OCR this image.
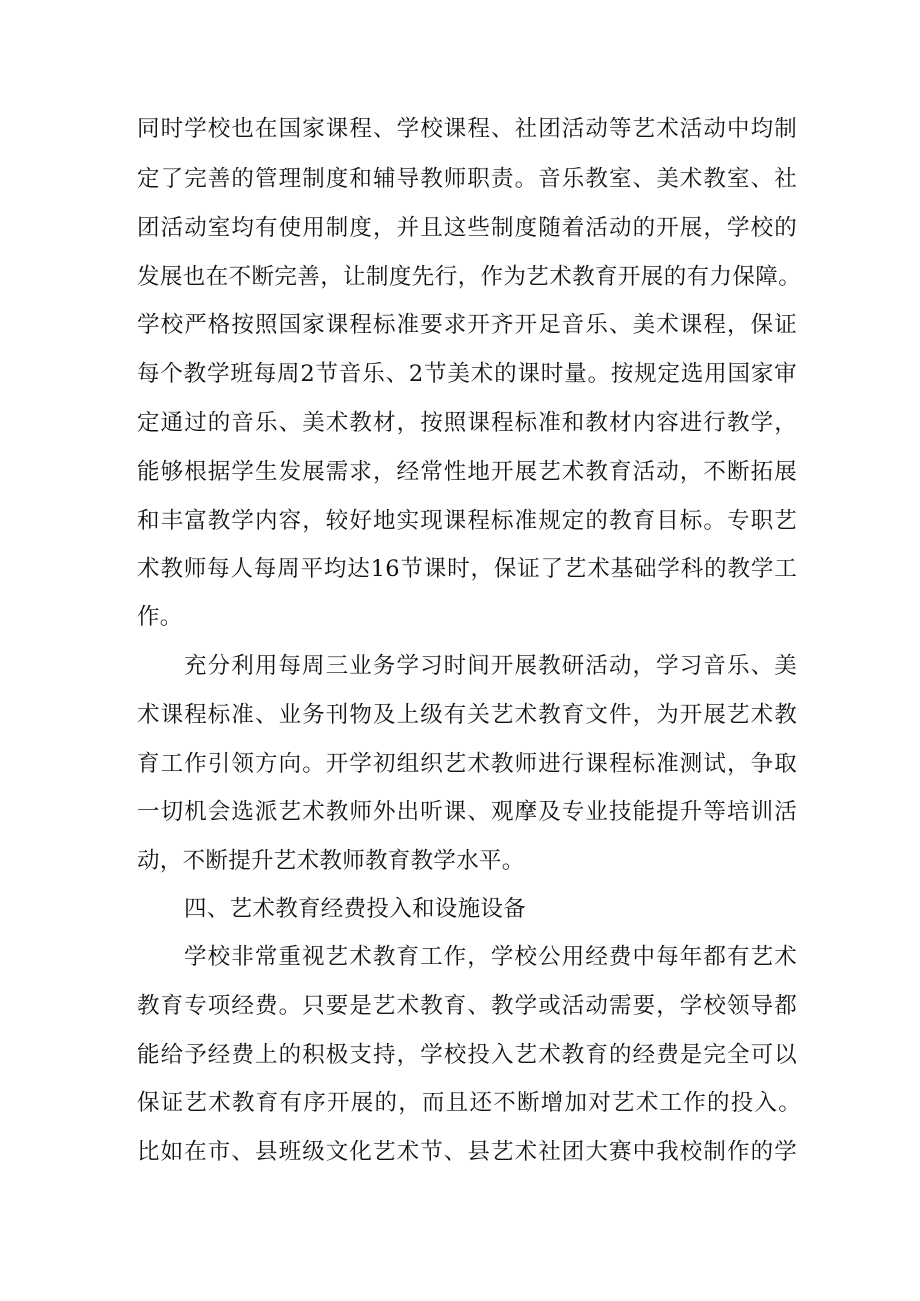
同时学校也在国家课程、学校课程、社团活动等艺术活动中均制
定了完善的管理制度和辅导教师职责。音乐教室、美术教室、社
团活动室均有使用制度，并且这些制度随着活动的开展，学校的
发展也在不断完善，让制度先行，作为艺术教育开展的有力保障。
学校严格按照国家课程标准要求开齐开足音乐、美术课程，保证
每个教学班每周2节音乐、2节美术的课时量。按规定选用国家审
定通过的音乐、美术教材，按照课程标准和教材内容进行教学，
能够根据学生发展需求，经常性地开展艺术教育活动，不断拓展
和丰富教学内容，较好地实现课程标准规定的教育目标。专职艺
术教师每人每周平均达16节课时，保证了艺术基础学科的教学工
作。
充分利用每周三业务学习时间开展教研活动，学习音乐、美
术课程标准、业务刊物及上级有关艺术教育文件，为开展艺术教
育工作引领方向。开学初组织艺术教师进行课程标准测试，争取
一切机会选派艺术教师外出听课、观摩及专业技能提升等培训活
动，不断提升艺术教师教育教学水平。
四、艺术教育经费投入和设施设备
学校非常重视艺术教育工作，学校公用经费中每年都有艺术
教育专项经费。只要是艺术教育、教学或活动需要，学校领导都
能给予经费上的积极支持，学校投入艺术教育的经费是完全可以
保证艺术教育有序开展的，而且还不断增加对艺术工作的投入。
比如在市、县班级文化艺术节、县艺术社团大赛中我校制作的学
